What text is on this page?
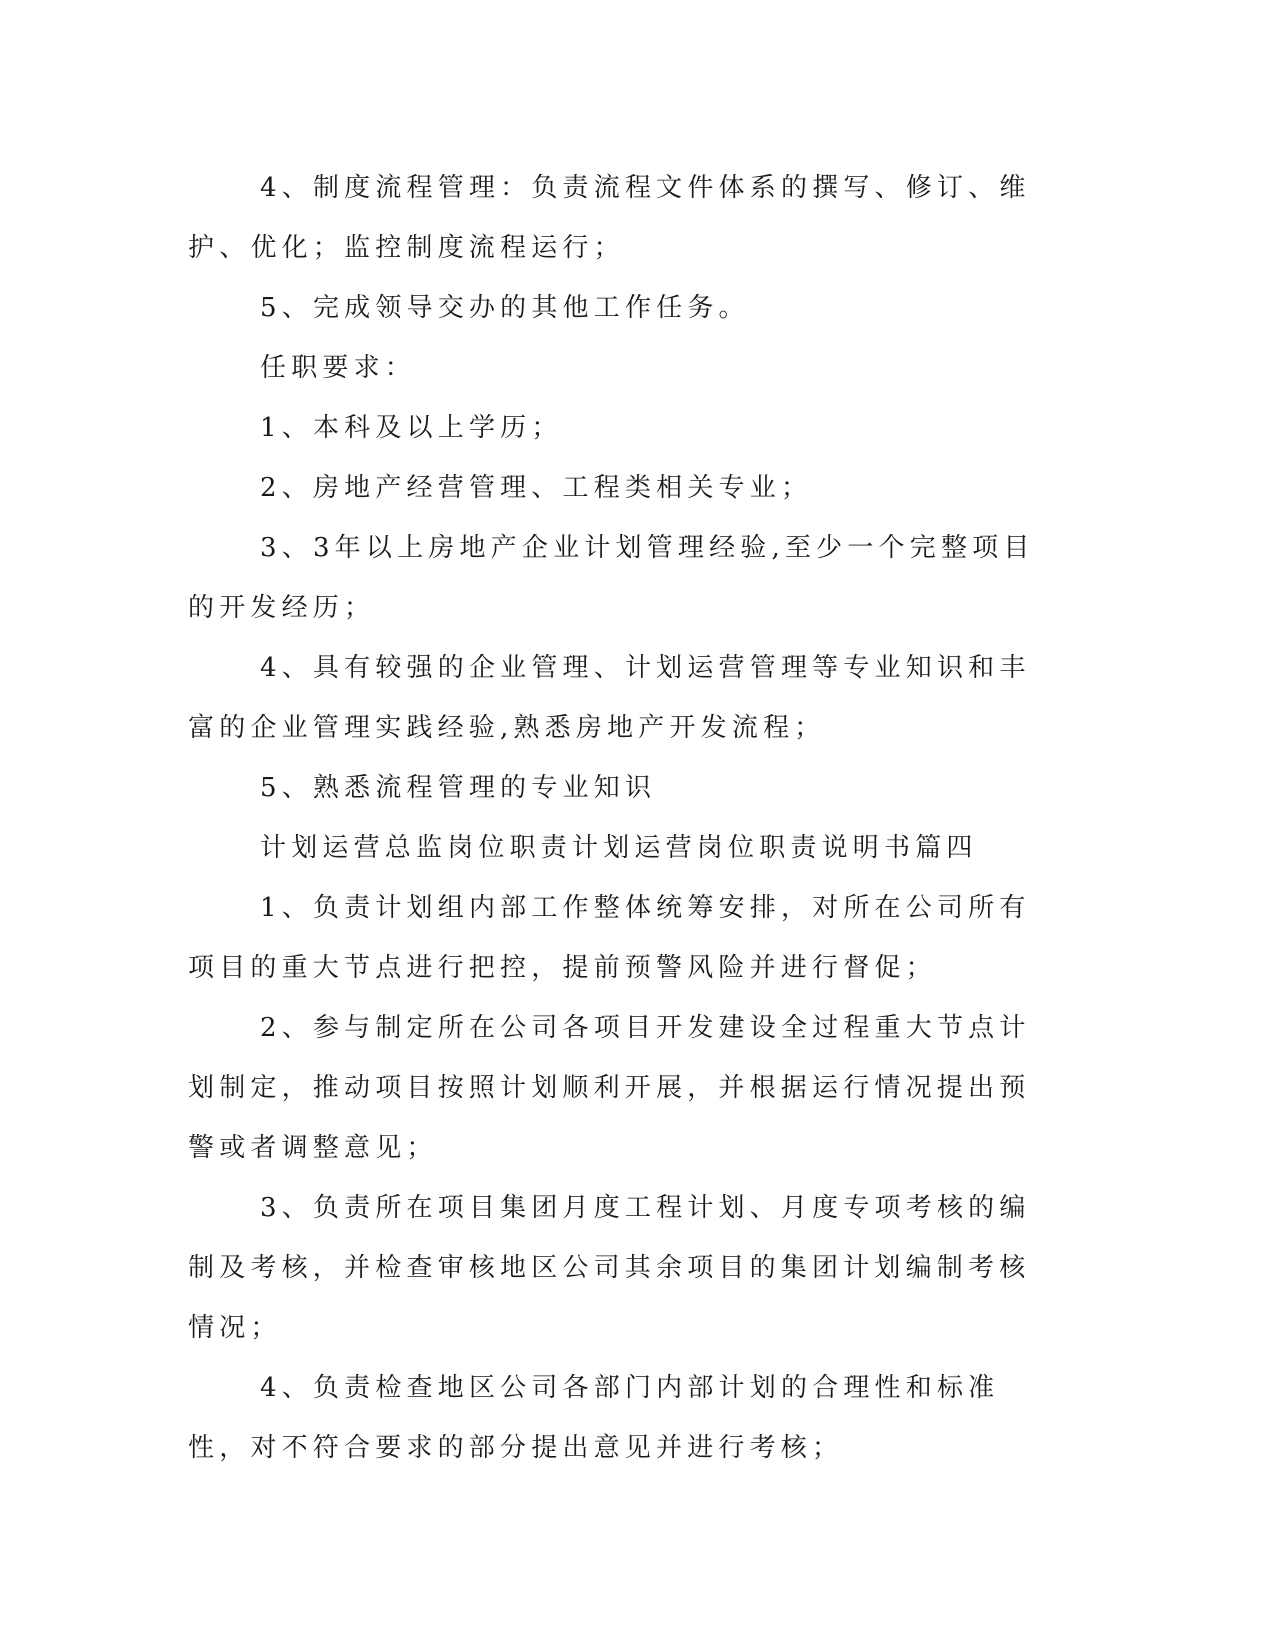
4、制度流程管理：负责流程文件体系的撰写、修订、维护、优化；监控制度流程运行；

5、完成领导交办的其他工作任务。

任职要求：

1、本科及以上学历；

2、房地产经营管理、工程类相关专业；

3、3年以上房地产企业计划管理经验,至少一个完整项目的开发经历；

4、具有较强的企业管理、计划运营管理等专业知识和丰富的企业管理实践经验,熟悉房地产开发流程；

5、熟悉流程管理的专业知识

计划运营总监岗位职责计划运营岗位职责说明书篇四

1、负责计划组内部工作整体统筹安排，对所在公司所有项目的重大节点进行把控，提前预警风险并进行督促；

2、参与制定所在公司各项目开发建设全过程重大节点计划制定，推动项目按照计划顺利开展，并根据运行情况提出预警或者调整意见；

3、负责所在项目集团月度工程计划、月度专项考核的编制及考核，并检查审核地区公司其余项目的集团计划编制考核情况；

4、负责检查地区公司各部门内部计划的合理性和标准性，对不符合要求的部分提出意见并进行考核；
